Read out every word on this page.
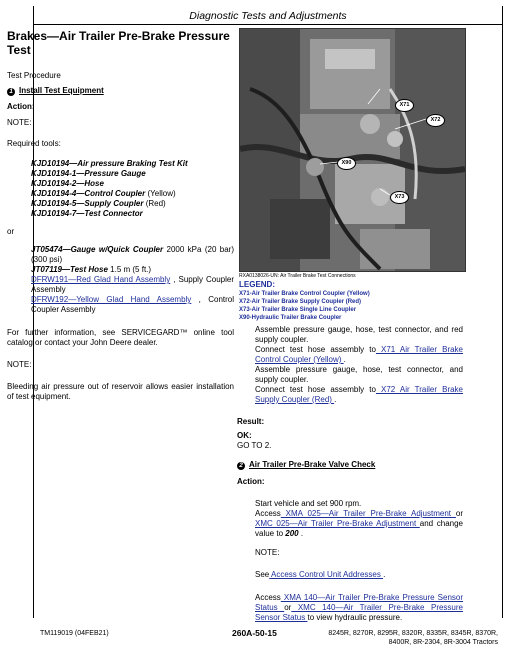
Diagnostic Tests and Adjustments
Brakes—Air Trailer Pre-Brake Pressure Test

Test Procedure

1 Install Test Equipment

Action:

NOTE:

Required tools:

KJD10194—Air pressure Braking Test Kit

KJD10194-1—Pressure Gauge

KJD10194-2—Hose

KJD10194-4—Control Coupler (Yellow)

KJD10194-5—Supply Coupler (Red)

KJD10194-7—Test Connector

or

JT05474—Gauge w/Quick Coupler 2000 kPa (20 bar) (300 psi)

JT07119—Test Hose 1.5 m (5 ft.)

DFRW191—Red Glad Hand Assembly , Supply Coupler Assembly

DFRW192—Yellow Glad Hand Assembly , Control Coupler Assembly

For further information, see SERVICEGARD™ online tool catalog or contact your John Deere dealer.

NOTE:

Bleeding air pressure out of reservoir allows easier installation of test equipment.

X71
X72
X90
X73

RXA0138026-UN: Air Trailer Brake Test Connections

LEGEND:

X71-Air Trailer Brake Control Coupler (Yellow)

X72-Air Trailer Brake Supply Coupler (Red)

X73-Air Trailer Brake Single Line Coupler

X90-Hydraulic Trailer Brake Coupler

Assemble pressure gauge, hose, test connector, and red supply coupler.

Connect test hose assembly to X71 Air Trailer Brake Control Coupler (Yellow) .

Assemble pressure gauge, hose, test connector, and supply coupler.

Connect test hose assembly to X72 Air Trailer Brake Supply Coupler (Red) .

Result:

OK:

GO TO 2.

2 Air Trailer Pre-Brake Valve Check

Action:

Start vehicle and set 900 rpm.

Access XMA 025—Air Trailer Pre-Brake Adjustment or XMC 025—Air Trailer Pre-Brake Adjustment and change value to 200 .

NOTE:

See Access Control Unit Addresses .

Access XMA 140—Air Trailer Pre-Brake Pressure Sensor Status or XMC 140—Air Trailer Pre-Brake Pressure Sensor Status to view hydraulic pressure.

TM119019 (04FEB21)	260A-50-15	8245R, 8270R, 8295R, 8320R, 8335R, 8345R, 8370R,
8400R, 8R-2304, 8R-3004 Tractors
